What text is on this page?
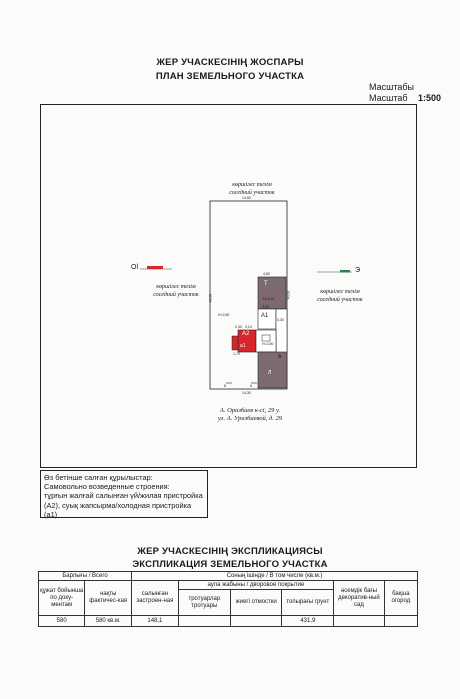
ЖЕР УЧАСКЕСІНІҢ ЖОСПАРЫ
ПЛАН ЗЕМЕЛЬНОГО УЧАСТКА
Масштабы
Масштаб 1:500
көршілес телім
соседний участок
көршілес телім
соседний участок	көршілес телім
соседний участок
А. Оразбаев к-сі, 29 у.
ул. А. Уразбаевой, д. 29
Ol	Э
14,50
14,30
40,00	40,00
4,80
3,20
3,30
1,70
2,30 3,10
H=2,60
H=3,10
H=2,60
Т
А1
А2
а1
А
Л
8	6
Өз бетінше салған құрылыстар:
Самовольно возведенные строения:
тұрғын жалғай салынған үй/жилая пристройка
(А2), суық жапсырма/холодная пристройка (а1)
ЖЕР УЧАСКЕСІНІҢ ЭКСПЛИКАЦИЯСЫ
ЭКСПЛИКАЦИЯ ЗЕМЕЛЬНОГО УЧАСТКА
Барлығы / Всего		Соның ішінде / В том числе (кв.м.)					
құжат бойынша по доку-ментам	нақты фактичес-кая	салынған застроен-ная	аула жабыны / дворовое покрытие			әсемдік бағы декоратив-ный сад	бақша огород
			тротуарлар тротуары	жиегі отмостки	топырағы грунт		
580	580 кв.м.	148,1			431,9		
